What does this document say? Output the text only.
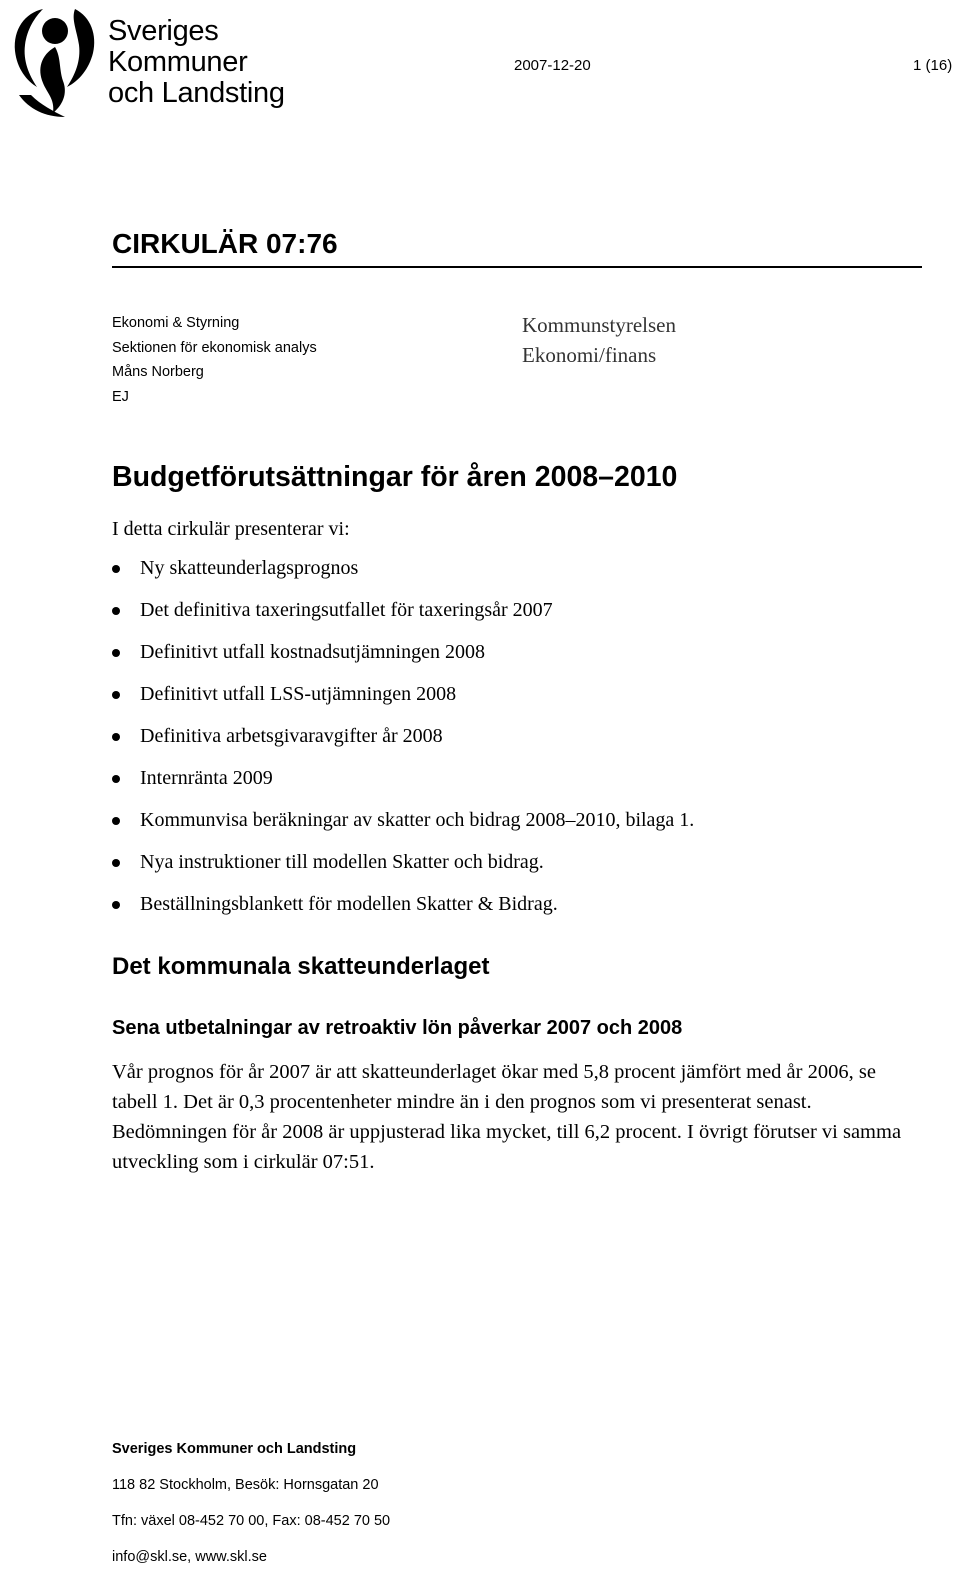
Sveriges
Kommuner
och Landsting
2007-12-20	1 (16)
CIRKULÄR 07:76
Ekonomi & Styrning
Sektionen för ekonomisk analys
Måns Norberg
EJ
Kommunstyrelsen
Ekonomi/finans
Budgetförutsättningar för åren 2008–2010
I detta cirkulär presenterar vi:
Ny skatteunderlagsprognos
Det definitiva taxeringsutfallet för taxeringsår 2007
Definitivt utfall kostnadsutjämningen 2008
Definitivt utfall LSS-utjämningen 2008
Definitiva arbetsgivaravgifter år 2008
Internränta 2009
Kommunvisa beräkningar av skatter och bidrag 2008–2010, bilaga 1.
Nya instruktioner till modellen Skatter och bidrag.
Beställningsblankett för modellen Skatter & Bidrag.
Det kommunala skatteunderlaget
Sena utbetalningar av retroaktiv lön påverkar 2007 och 2008
Vår prognos för år 2007 är att skatteunderlaget ökar med 5,8 procent jämfört med år 2006, se tabell 1. Det är 0,3 procentenheter mindre än i den prognos som vi presenterat senast. Bedömningen för år 2008 är uppjusterad lika mycket, till 6,2 procent. I övrigt förutser vi samma utveckling som i cirkulär 07:51.
Sveriges Kommuner och Landsting
118 82 Stockholm, Besök: Hornsgatan 20
Tfn: växel 08-452 70 00, Fax: 08-452 70 50
info@skl.se, www.skl.se
